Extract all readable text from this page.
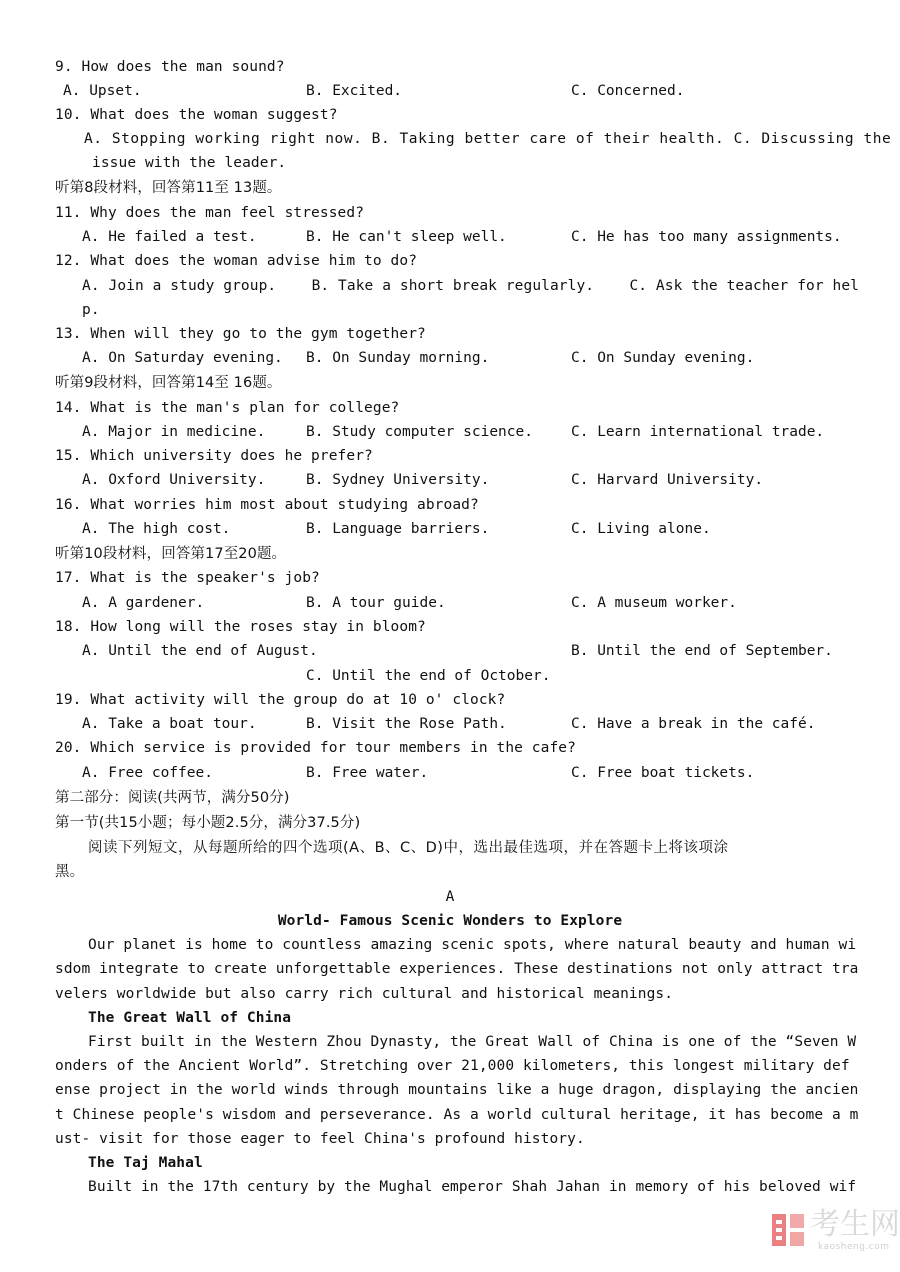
9. How does the man sound?
A. Upset.	B. Excited.	C. Concerned.
10. What does the woman suggest?
A. Stopping working right now. B. Taking better care of their health. C. Discussing the
issue with the leader.
听第8段材料，回答第11至 13题。
11. Why does the man feel stressed?
A. He failed a test.	B. He can't sleep well.	C. He has too many assignments.
12. What does the woman advise him to do?
A. Join a study group.    B. Take a short break regularly.    C. Ask the teacher for hel
p.
13. When will they go to the gym together?
A. On Saturday evening. B. On Sunday morning.	C. On Sunday evening.
听第9段材料，回答第14至 16题。
14. What is the man's plan for college?
A. Major in medicine.	B. Study computer science.	C. Learn international trade.
15. Which university does he prefer?
A. Oxford University.	B. Sydney University.	C. Harvard University.
16. What worries him most about studying abroad?
A. The high cost.	B. Language barriers.	C. Living alone.
听第10段材料，回答第17至20题。
17. What is the speaker's job?
A. A gardener.	B. A tour guide.	C. A museum worker.
18. How long will the roses stay in bloom?
A. Until the end of August.	B. Until the end of September.
C. Until the end of October.
19. What activity will the group do at 10 o' clock?
A. Take a boat tour.	B. Visit the Rose Path.	C. Have a break in the café.
20. Which service is provided for tour members in the cafe?
A. Free coffee.	B. Free water.	C. Free boat tickets.
第二部分：阅读(共两节，满分50分)
第一节(共15小题；每小题2.5分，满分37.5分)
阅读下列短文，从每题所给的四个选项(A、B、C、D)中，选出最佳选项，并在答题卡上将该项涂
黑。
A
World- Famous Scenic Wonders to Explore
Our planet is home to countless amazing scenic spots, where natural beauty and human wi
sdom integrate to create unforgettable experiences. These destinations not only attract tra
velers worldwide but also carry rich cultural and historical meanings.
The Great Wall of China
First built in the Western Zhou Dynasty, the Great Wall of China is one of the “Seven W
onders of the Ancient World”. Stretching over 21,000 kilometers, this longest military def
ense project in the world winds through mountains like a huge dragon, displaying the ancien
t Chinese people's wisdom and perseverance. As a world cultural heritage, it has become a m
ust- visit for those eager to feel China's profound history.
The Taj Mahal
Built in the 17th century by the Mughal emperor Shah Jahan in memory of his beloved wif
考生网
kaosheng.com
